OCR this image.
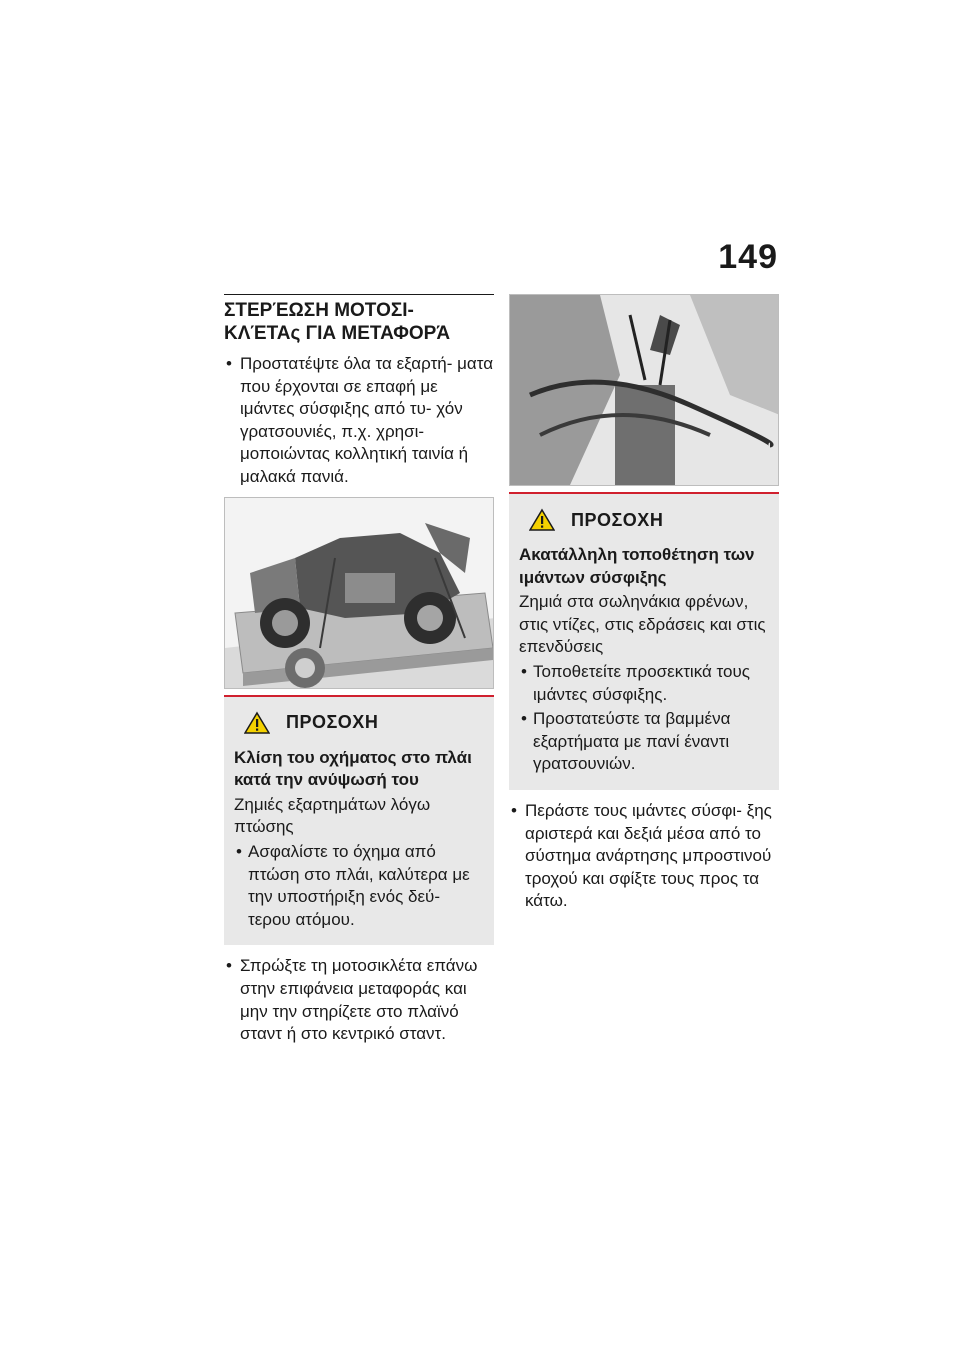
149
ΣΤΕΡΈΩΣΗ ΜΟΤΟΣΙ-
ΚΛΈΤΑς ΓΙΑ ΜΕΤΑΦΟΡΆ
• Προστατέψτε όλα τα εξαρτή- ματα που έρχονται σε επαφή με ιμάντες σύσφιξης από τυ- χόν γρατσουνιές, π.χ. χρησι- μοποιώντας κολλητική ταινία ή μαλακά πανιά.
ΠΡΟΣΟΧΗ
Κλίση του οχήματος στο πλάι κατά την ανύψωσή του
Ζημιές εξαρτημάτων λόγω πτώσης
• Ασφαλίστε το όχημα από πτώση στο πλάι, καλύτερα με την υποστήριξη ενός δεύ- τερου ατόμου.
• Σπρώξτε τη μοτοσικλέτα επάνω στην επιφάνεια μεταφοράς και μην την στηρίζετε στο πλαϊνό σταντ ή στο κεντρικό σταντ.
ΠΡΟΣΟΧΗ
Ακατάλληλη τοποθέτηση των ιμάντων σύσφιξης
Ζημιά στα σωληνάκια φρένων, στις ντίζες, στις εδράσεις και στις επενδύσεις
• Τοποθετείτε προσεκτικά τους ιμάντες σύσφιξης.
• Προστατεύστε τα βαμμένα εξαρτήματα με πανί έναντι γρατσουνιών.
• Περάστε τους ιμάντες σύσφι- ξης αριστερά και δεξιά μέσα από το σύστημα ανάρτησης μπροστινού τροχού και σφίξτε τους προς τα κάτω.
